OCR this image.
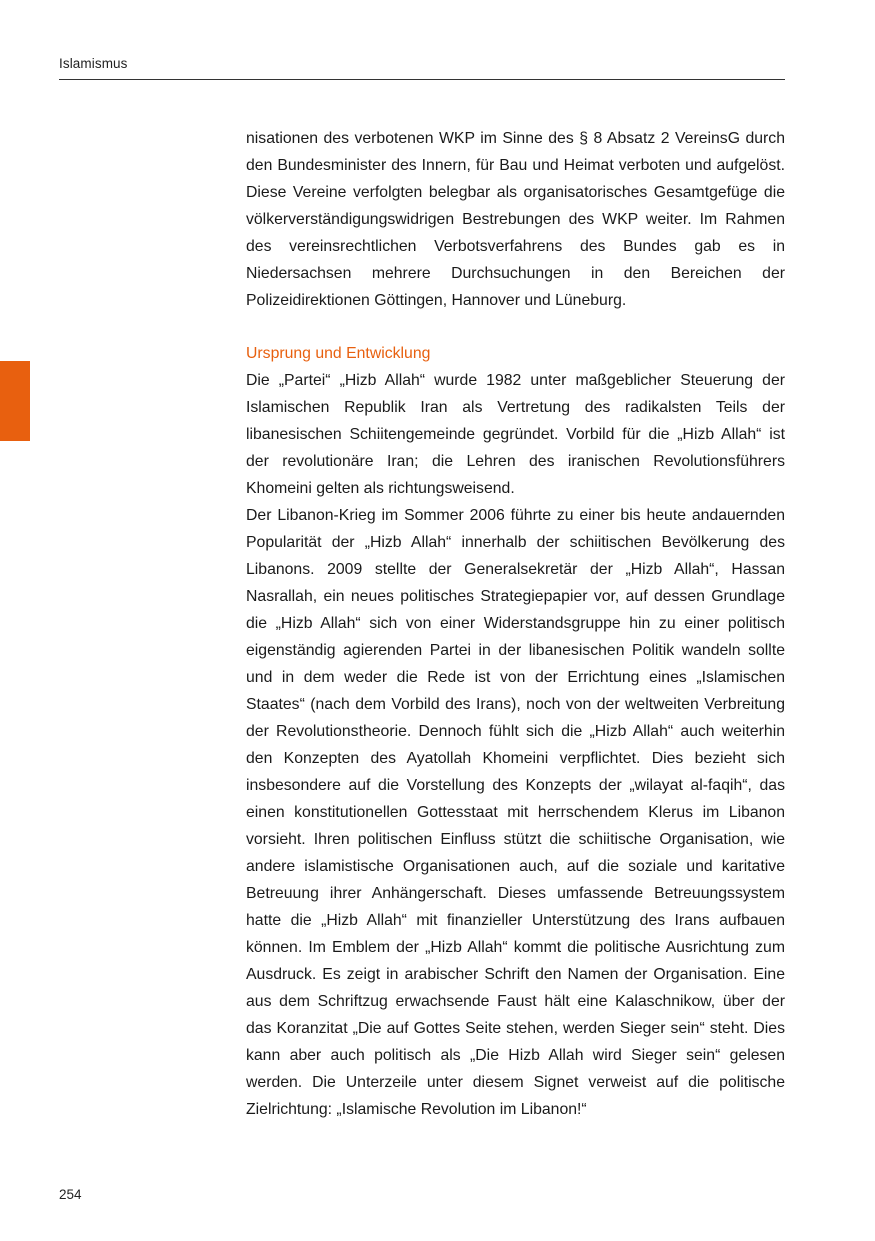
Islamismus

nisationen des verbotenen WKP im Sinne des § 8 Absatz 2 VereinsG durch den Bundesminister des Innern, für Bau und Heimat verboten und aufgelöst. Diese Vereine verfolgten belegbar als organisatorisches Gesamtgefüge die völkerverständigungswidrigen Bestrebungen des WKP weiter. Im Rahmen des vereinsrechtlichen Verbotsverfahrens des Bundes gab es in Niedersachsen mehrere Durchsuchungen in den Bereichen der Polizeidirektionen Göttingen, Hannover und Lüneburg.

Ursprung und Entwicklung

Die „Partei“ „Hizb Allah“ wurde 1982 unter maßgeblicher Steuerung der Islamischen Republik Iran als Vertretung des radikalsten Teils der libanesischen Schiitengemeinde gegründet. Vorbild für die „Hizb Allah“ ist der revolutionäre Iran; die Lehren des iranischen Revolutionsführers Khomeini gelten als richtungsweisend.

Der Libanon-Krieg im Sommer 2006 führte zu einer bis heute andauernden Popularität der „Hizb Allah“ innerhalb der schiitischen Bevölkerung des Libanons. 2009 stellte der Generalsekretär der „Hizb Allah“, Hassan Nasrallah, ein neues politisches Strategiepapier vor, auf dessen Grundlage die „Hizb Allah“ sich von einer Widerstandsgruppe hin zu einer politisch eigenständig agierenden Partei in der libanesischen Politik wandeln sollte und in dem weder die Rede ist von der Errichtung eines „Islamischen Staates“ (nach dem Vorbild des Irans), noch von der weltweiten Verbreitung der Revolutionstheorie. Dennoch fühlt sich die „Hizb Allah“ auch weiterhin den Konzepten des Ayatollah Khomeini verpflichtet. Dies bezieht sich insbesondere auf die Vorstellung des Konzepts der „wilayat al-faqih“, das einen konstitutionellen Gottesstaat mit herrschendem Klerus im Libanon vorsieht. Ihren politischen Einfluss stützt die schiitische Organisation, wie andere islamistische Organisationen auch, auf die soziale und karitative Betreuung ihrer Anhängerschaft. Dieses umfassende Betreuungssystem hatte die „Hizb Allah“ mit finanzieller Unterstützung des Irans aufbauen können. Im Emblem der „Hizb Allah“ kommt die politische Ausrichtung zum Ausdruck. Es zeigt in arabischer Schrift den Namen der Organisation. Eine aus dem Schriftzug erwachsende Faust hält eine Kalaschnikow, über der das Koranzitat „Die auf Gottes Seite stehen, werden Sieger sein“ steht. Dies kann aber auch politisch als „Die Hizb Allah wird Sieger sein“ gelesen werden. Die Unterzeile unter diesem Signet verweist auf die politische Zielrichtung: „Islamische Revolution im Libanon!“

254
